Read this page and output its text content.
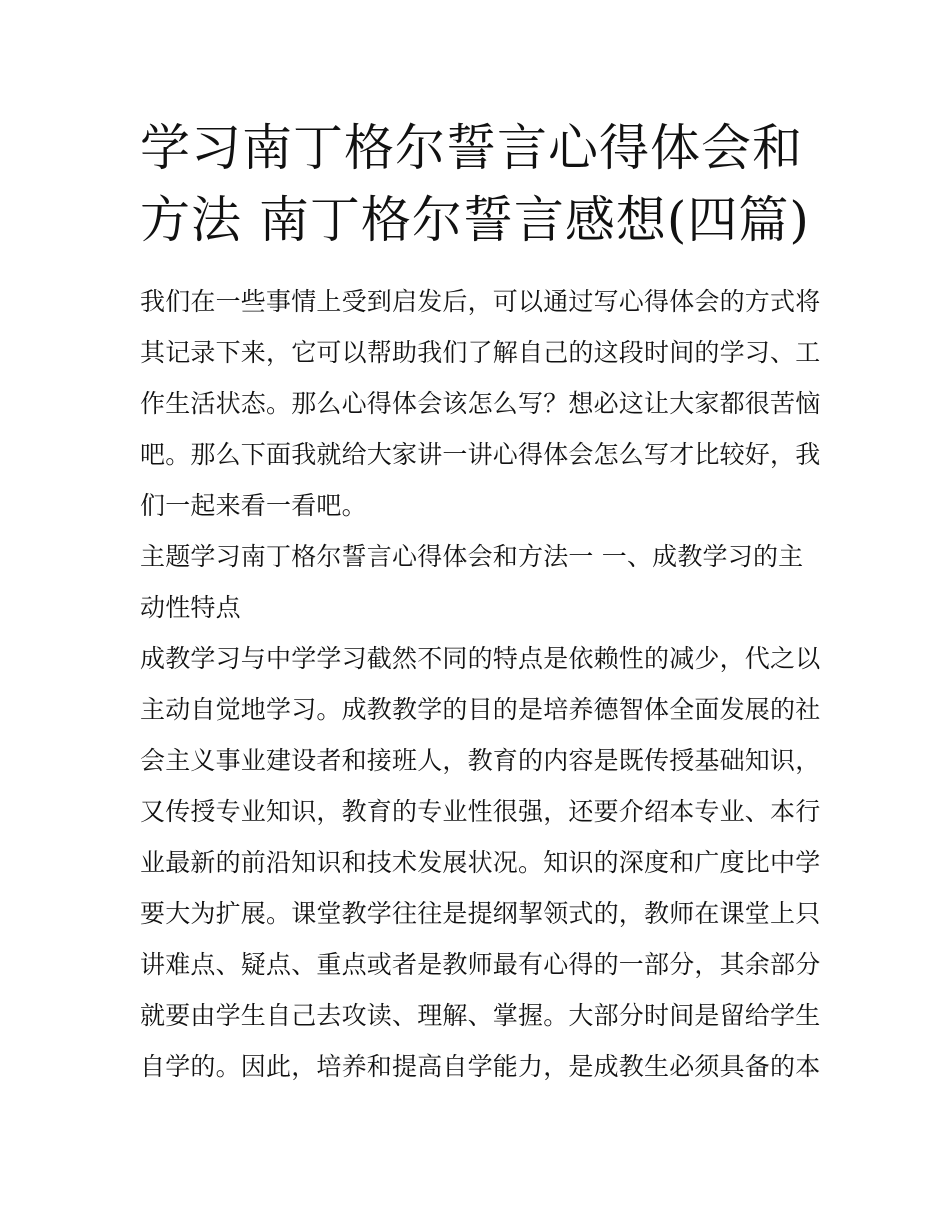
学习南丁格尔誓言心得体会和
方法 南丁格尔誓言感想(四篇)
我们在一些事情上受到启发后，可以通过写心得体会的方式将
其记录下来，它可以帮助我们了解自己的这段时间的学习、工
作生活状态。那么心得体会该怎么写？想必这让大家都很苦恼
吧。那么下面我就给大家讲一讲心得体会怎么写才比较好，我
们一起来看一看吧。
主题学习南丁格尔誓言心得体会和方法一 一、成教学习的主
动性特点
成教学习与中学学习截然不同的特点是依赖性的减少，代之以
主动自觉地学习。成教教学的目的是培养德智体全面发展的社
会主义事业建设者和接班人，教育的内容是既传授基础知识，
又传授专业知识，教育的专业性很强，还要介绍本专业、本行
业最新的前沿知识和技术发展状况。知识的深度和广度比中学
要大为扩展。课堂教学往往是提纲挈领式的，教师在课堂上只
讲难点、疑点、重点或者是教师最有心得的一部分，其余部分
就要由学生自己去攻读、理解、掌握。大部分时间是留给学生
自学的。因此，培养和提高自学能力，是成教生必须具备的本
